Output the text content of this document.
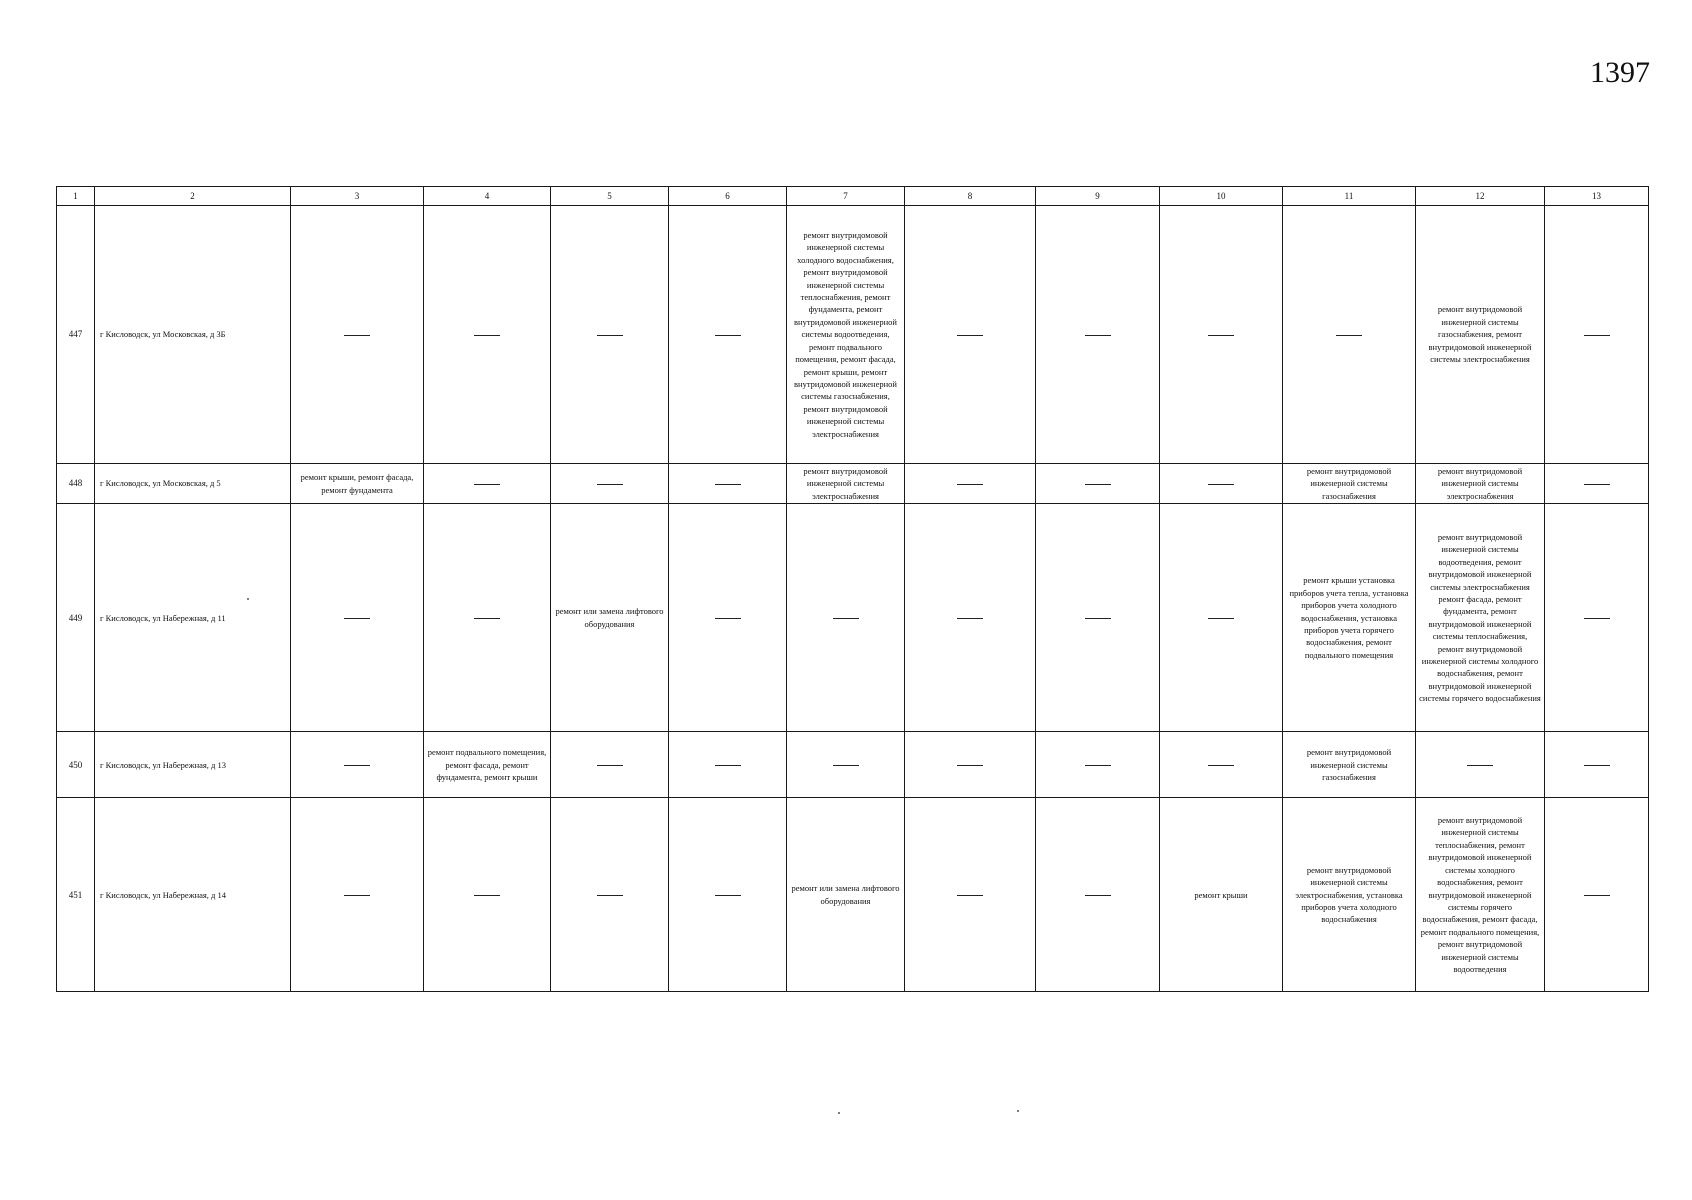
1397
1	2	3	4	5	6	7	8	9	10	11	12	13
447	г Кисловодск, ул Московская, д 3Б					ремонт внутридомовой инженерной системы холодного водоснабжения, ремонт внутридомовой инженерной системы теплоснабжения, ремонт фундамента, ремонт внутридомовой инженерной системы водоотведения, ремонт подвального помещения, ремонт фасада, ремонт крыши, ремонт внутридомовой инженерной системы газоснабжения, ремонт внутридомовой инженерной системы электроснабжения					ремонт внутридомовой инженерной системы газоснабжения, ремонт внутридомовой инженерной системы электроснабжения	
448	г Кисловодск, ул Московская, д 5	ремонт крыши, ремонт фасада, ремонт фундамента				ремонт внутридомовой инженерной системы электроснабжения				ремонт внутридомовой инженерной системы газоснабжения	ремонт внутридомовой инженерной системы электроснабжения	
449	г Кисловодск, ул Набережная, д 11			ремонт или замена лифтового оборудования						ремонт крыши установка приборов учета тепла, установка приборов учета холодного водоснабжения, установка приборов учета горячего водоснабжения, ремонт подвального помещения	ремонт внутридомовой инженерной системы водоотведения, ремонт внутридомовой инженерной системы электроснабжения ремонт фасада, ремонт фундамента, ремонт внутридомовой инженерной системы теплоснабжения, ремонт внутридомовой инженерной системы холодного водоснабжения, ремонт внутридомовой инженерной системы горячего водоснабжения	
450	г Кисловодск, ул Набережная, д 13		ремонт подвального помещения, ремонт фасада, ремонт фундамента, ремонт крыши							ремонт внутридомовой инженерной системы газоснабжения		
451	г Кисловодск, ул Набережная, д 14					ремонт или замена лифтового оборудования			ремонт крыши	ремонт внутридомовой инженерной системы электроснабжения, установка приборов учета холодного водоснабжения	ремонт внутридомовой инженерной системы теплоснабжения, ремонт внутридомовой инженерной системы холодного водоснабжения, ремонт внутридомовой инженерной системы горячего водоснабжения, ремонт фасада, ремонт подвального помещения, ремонт внутридомовой инженерной системы водоотведения	
